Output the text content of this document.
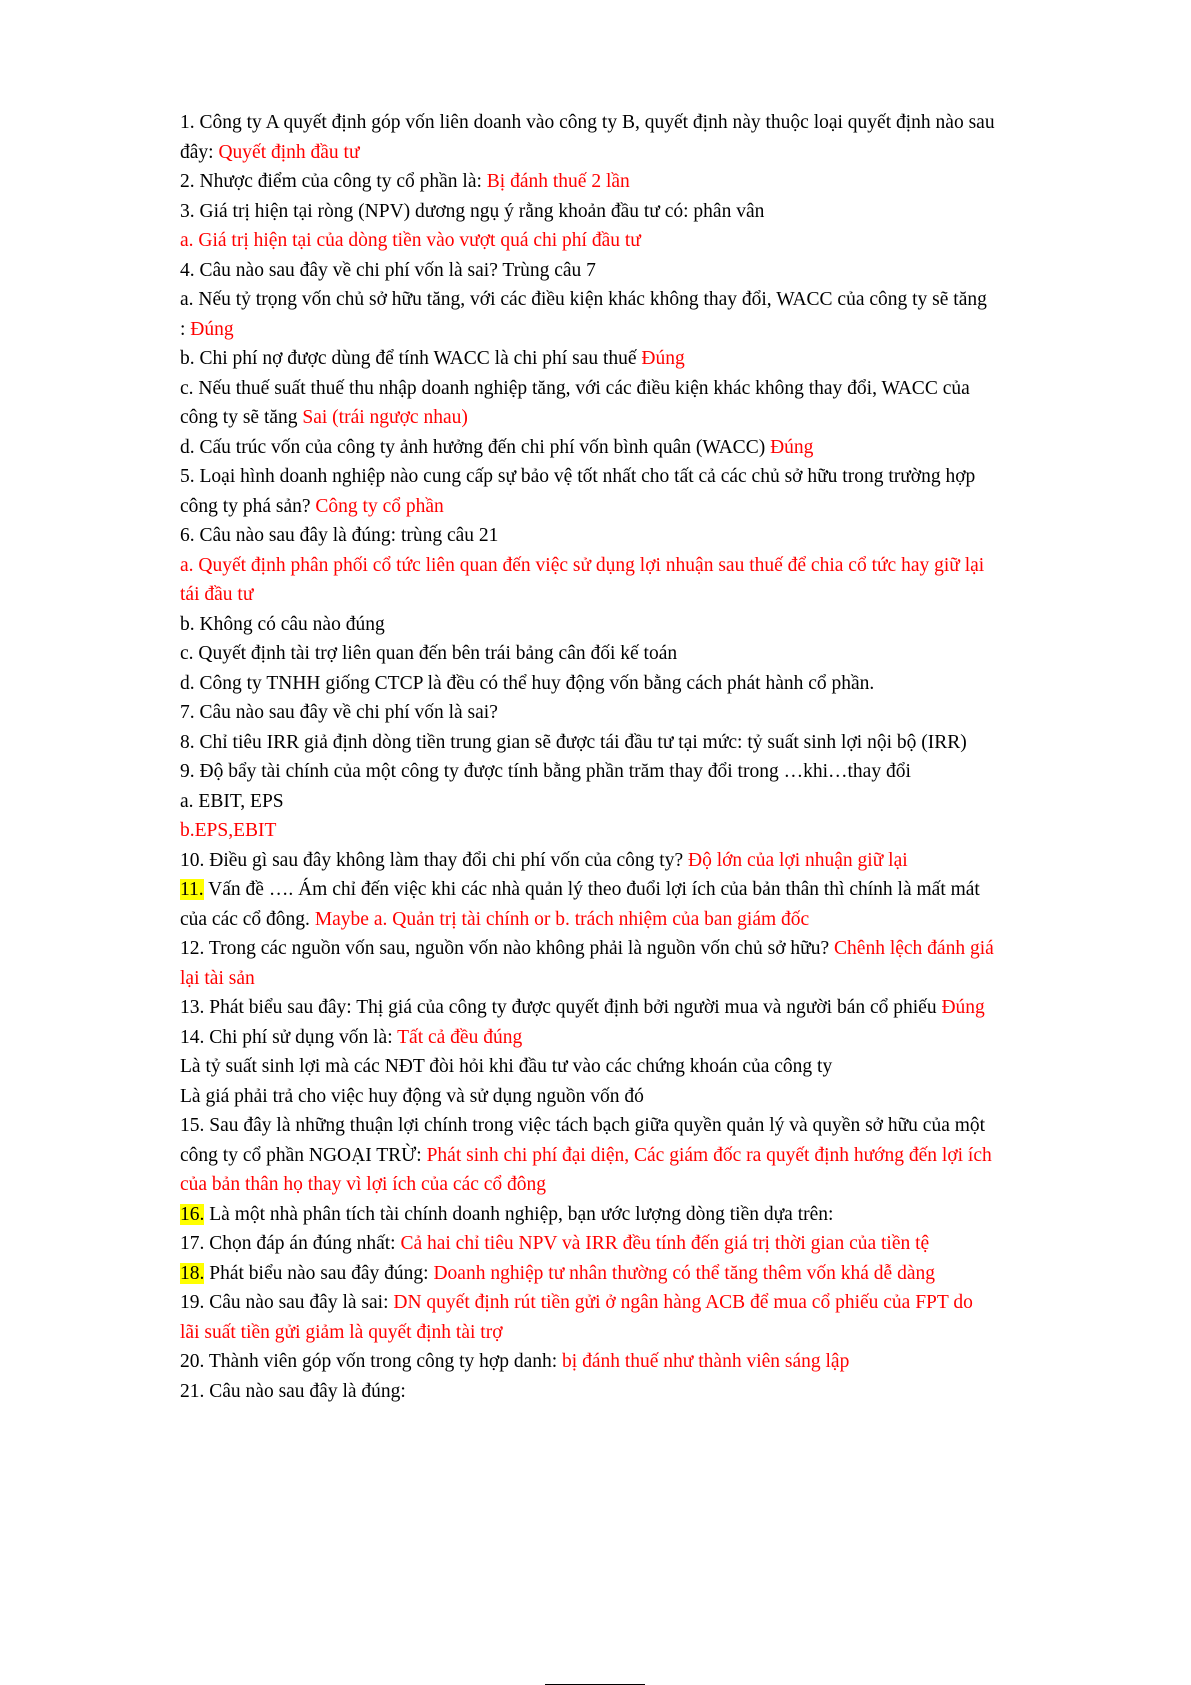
1. Công ty A quyết định góp vốn liên doanh vào công ty B, quyết định này thuộc loại quyết định nào sau đây: Quyết định đầu tư

2. Nhược điểm của công ty cổ phần là: Bị đánh thuế 2 lần

3. Giá trị hiện tại ròng (NPV) dương ngụ ý rằng khoản đầu tư có: phân vân

a. Giá trị hiện tại của dòng tiền vào vượt quá chi phí đầu tư

4. Câu nào sau đây về chi phí vốn là sai? Trùng câu 7

a. Nếu tỷ trọng vốn chủ sở hữu tăng, với các điều kiện khác không thay đổi, WACC của công ty sẽ tăng : Đúng

b. Chi phí nợ được dùng để tính WACC là chi phí sau thuế Đúng

c. Nếu thuế suất thuế thu nhập doanh nghiệp tăng, với các điều kiện khác không thay đổi, WACC của công ty sẽ tăng Sai (trái ngược nhau)

d. Cấu trúc vốn của công ty ảnh hưởng đến chi phí vốn bình quân (WACC) Đúng

5. Loại hình doanh nghiệp nào cung cấp sự bảo vệ tốt nhất cho tất cả các chủ sở hữu trong trường hợp công ty phá sản? Công ty cổ phần

6. Câu nào sau đây là đúng: trùng câu 21

a. Quyết định phân phối cổ tức liên quan đến việc sử dụng lợi nhuận sau thuế để chia cổ tức hay giữ lại tái đầu tư

b. Không có câu nào đúng

c. Quyết định tài trợ liên quan đến bên trái bảng cân đối kế toán

d. Công ty TNHH giống CTCP là đều có thể huy động vốn bằng cách phát hành cổ phần.

7. Câu nào sau đây về chi phí vốn là sai?

8. Chỉ tiêu IRR giả định dòng tiền trung gian sẽ được tái đầu tư tại mức: tỷ suất sinh lợi nội bộ (IRR)

9. Độ bẩy tài chính của một công ty được tính bằng phần trăm thay đổi trong …khi…thay đổi

a. EBIT, EPS

b.EPS,EBIT

10. Điều gì sau đây không làm thay đổi chi phí vốn của công ty? Độ lớn của lợi nhuận giữ lại

11. Vấn đề …. Ám chỉ đến việc khi các nhà quản lý theo đuổi lợi ích của bản thân thì chính là mất mát của các cổ đông. Maybe a. Quản trị tài chính or b. trách nhiệm của ban giám đốc

12. Trong các nguồn vốn sau, nguồn vốn nào không phải là nguồn vốn chủ sở hữu? Chênh lệch đánh giá lại tài sản

13. Phát biểu sau đây: Thị giá của công ty được quyết định bởi người mua và người bán cổ phiếu Đúng

14. Chi phí sử dụng vốn là: Tất cả đều đúng

Là tỷ suất sinh lợi mà các NĐT đòi hỏi khi đầu tư vào các chứng khoán của công ty

Là giá phải trả cho việc huy động và sử dụng nguồn vốn đó

15. Sau đây là những thuận lợi chính trong việc tách bạch giữa quyền quản lý và quyền sở hữu của một công ty cổ phần NGOẠI TRỪ: Phát sinh chi phí đại diện, Các giám đốc ra quyết định hướng đến lợi ích của bản thân họ thay vì lợi ích của các cổ đông

16. Là một nhà phân tích tài chính doanh nghiệp, bạn ước lượng dòng tiền dựa trên:

17. Chọn đáp án đúng nhất: Cả hai chỉ tiêu NPV và IRR đều tính đến giá trị thời gian của tiền tệ

18. Phát biểu nào sau đây đúng: Doanh nghiệp tư nhân thường có thể tăng thêm vốn khá dễ dàng

19. Câu nào sau đây là sai: DN quyết định rút tiền gửi ở ngân hàng ACB để mua cổ phiếu của FPT do lãi suất tiền gửi giảm là quyết định tài trợ

20. Thành viên góp vốn trong công ty hợp danh: bị đánh thuế như thành viên sáng lập

21. Câu nào sau đây là đúng:
